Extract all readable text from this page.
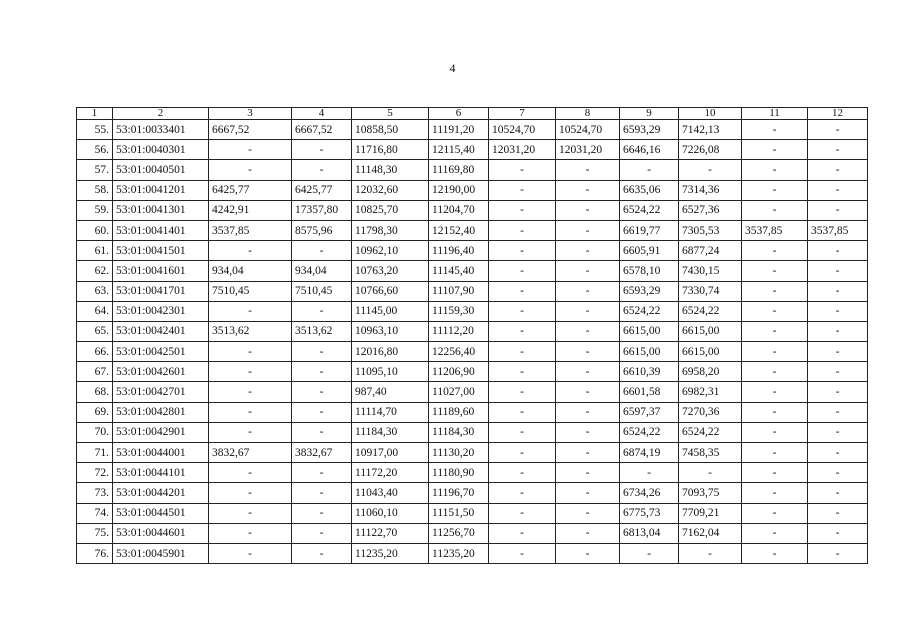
4
1	2	3	4	5	6	7	8	9	10	11	12
55.	53:01:0033401	6667,52	6667,52	10858,50	11191,20	10524,70	10524,70	6593,29	7142,13	-	-
56.	53:01:0040301	-	-	11716,80	12115,40	12031,20	12031,20	6646,16	7226,08	-	-
57.	53:01:0040501	-	-	11148,30	11169,80	-	-	-	-	-	-
58.	53:01:0041201	6425,77	6425,77	12032,60	12190,00	-	-	6635,06	7314,36	-	-
59.	53:01:0041301	4242,91	17357,80	10825,70	11204,70	-	-	6524,22	6527,36	-	-
60.	53:01:0041401	3537,85	8575,96	11798,30	12152,40	-	-	6619,77	7305,53	3537,85	3537,85
61.	53:01:0041501	-	-	10962,10	11196,40	-	-	6605,91	6877,24	-	-
62.	53:01:0041601	934,04	934,04	10763,20	11145,40	-	-	6578,10	7430,15	-	-
63.	53:01:0041701	7510,45	7510,45	10766,60	11107,90	-	-	6593,29	7330,74	-	-
64.	53:01:0042301	-	-	11145,00	11159,30	-	-	6524,22	6524,22	-	-
65.	53:01:0042401	3513,62	3513,62	10963,10	11112,20	-	-	6615,00	6615,00	-	-
66.	53:01:0042501	-	-	12016,80	12256,40	-	-	6615,00	6615,00	-	-
67.	53:01:0042601	-	-	11095,10	11206,90	-	-	6610,39	6958,20	-	-
68.	53:01:0042701	-	-	987,40	11027,00	-	-	6601,58	6982,31	-	-
69.	53:01:0042801	-	-	11114,70	11189,60	-	-	6597,37	7270,36	-	-
70.	53:01:0042901	-	-	11184,30	11184,30	-	-	6524,22	6524,22	-	-
71.	53:01:0044001	3832,67	3832,67	10917,00	11130,20	-	-	6874,19	7458,35	-	-
72.	53:01:0044101	-	-	11172,20	11180,90	-	-	-	-	-	-
73.	53:01:0044201	-	-	11043,40	11196,70	-	-	6734,26	7093,75	-	-
74.	53:01:0044501	-	-	11060,10	11151,50	-	-	6775,73	7709,21	-	-
75.	53:01:0044601	-	-	11122,70	11256,70	-	-	6813,04	7162,04	-	-
76.	53:01:0045901	-	-	11235,20	11235,20	-	-	-	-	-	-
